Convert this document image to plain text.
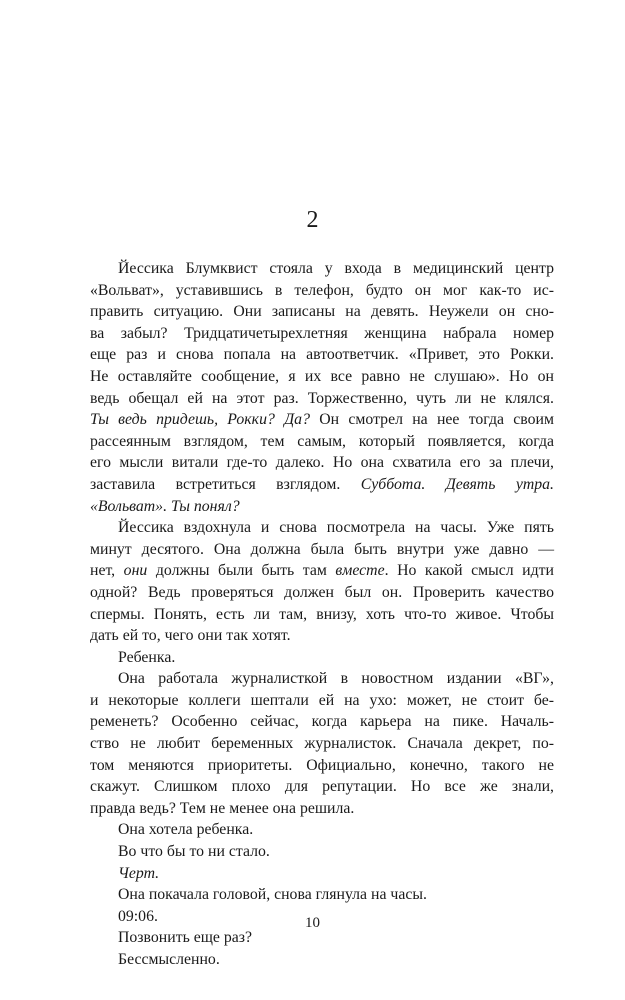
2

Йессика Блумквист стояла у входа в медицинский центр
«Вольват», уставившись в телефон, будто он мог как-то ис-
править ситуацию. Они записаны на девять. Неужели он сно-
ва забыл? Тридцатичетырехлетняя женщина набрала номер
еще раз и снова попала на автоответчик. «Привет, это Рокки.
Не оставляйте сообщение, я их все равно не слушаю». Но он
ведь обещал ей на этот раз. Торжественно, чуть ли не клялся.
Ты ведь придешь, Рокки? Да? Он смотрел на нее тогда своим
рассеянным взглядом, тем самым, который появляется, когда
его мысли витали где-то далеко. Но она схватила его за плечи,
заставила встретиться взглядом. Суббота. Девять утра.
«Вольват». Ты понял?

Йессика вздохнула и снова посмотрела на часы. Уже пять
минут десятого. Она должна была быть внутри уже давно —
нет, они должны были быть там вместе. Но какой смысл идти
одной? Ведь проверяться должен был он. Проверить качество
спермы. Понять, есть ли там, внизу, хоть что-то живое. Чтобы
дать ей то, чего они так хотят.

Ребенка.

Она работала журналисткой в новостном издании «ВГ»,
и некоторые коллеги шептали ей на ухо: может, не стоит бе-
ременеть? Особенно сейчас, когда карьера на пике. Началь-
ство не любит беременных журналисток. Сначала декрет, по-
том меняются приоритеты. Официально, конечно, такого не
скажут. Слишком плохо для репутации. Но все же знали,
правда ведь? Тем не менее она решила.

Она хотела ребенка.

Во что бы то ни стало.

Черт.

Она покачала головой, снова глянула на часы.

09:06.

Позвонить еще раз?

Бессмысленно.

10
